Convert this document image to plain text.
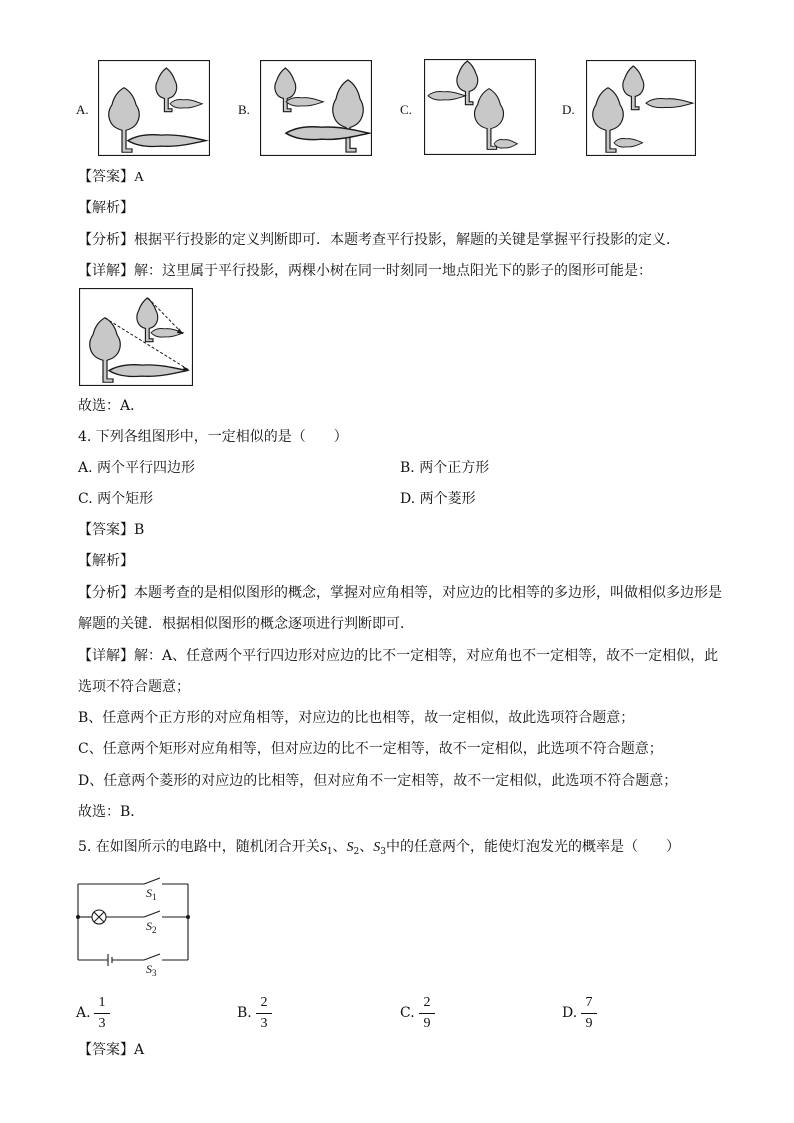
A.	B.	C.	D.
【答案】A
【解析】
【分析】根据平行投影的定义判断即可．本题考查平行投影，解题的关键是掌握平行投影的定义．
【详解】解：这里属于平行投影，两棵小树在同一时刻同一地点阳光下的影子的图形可能是：
故选：A．
4. 下列各组图形中，一定相似的是（　　）
A. 两个平行四边形	B. 两个正方形
C. 两个矩形	D. 两个菱形
【答案】B
【解析】
【分析】本题考查的是相似图形的概念，掌握对应角相等，对应边的比相等的多边形，叫做相似多边形是
解题的关键．根据相似图形的概念逐项进行判断即可．
【详解】解：A、任意两个平行四边形对应边的比不一定相等，对应角也不一定相等，故不一定相似，此
选项不符合题意；
B、任意两个正方形的对应角相等，对应边的比也相等，故一定相似，故此选项符合题意；
C、任意两个矩形对应角相等，但对应边的比不一定相等，故不一定相似，此选项不符合题意；
D、任意两个菱形的对应边的比相等，但对应角不一定相等，故不一定相似，此选项不符合题意；
故选：B．
5. 在如图所示的电路中，随机闭合开关$S_1$、$S_2$、$S_3$中的任意两个，能使灯泡发光的概率是（　　）
$S_1$
$S_2$
$S_3$
A.
1
3
B.
2
3
C.
2
9
D.
7
9
【答案】A
